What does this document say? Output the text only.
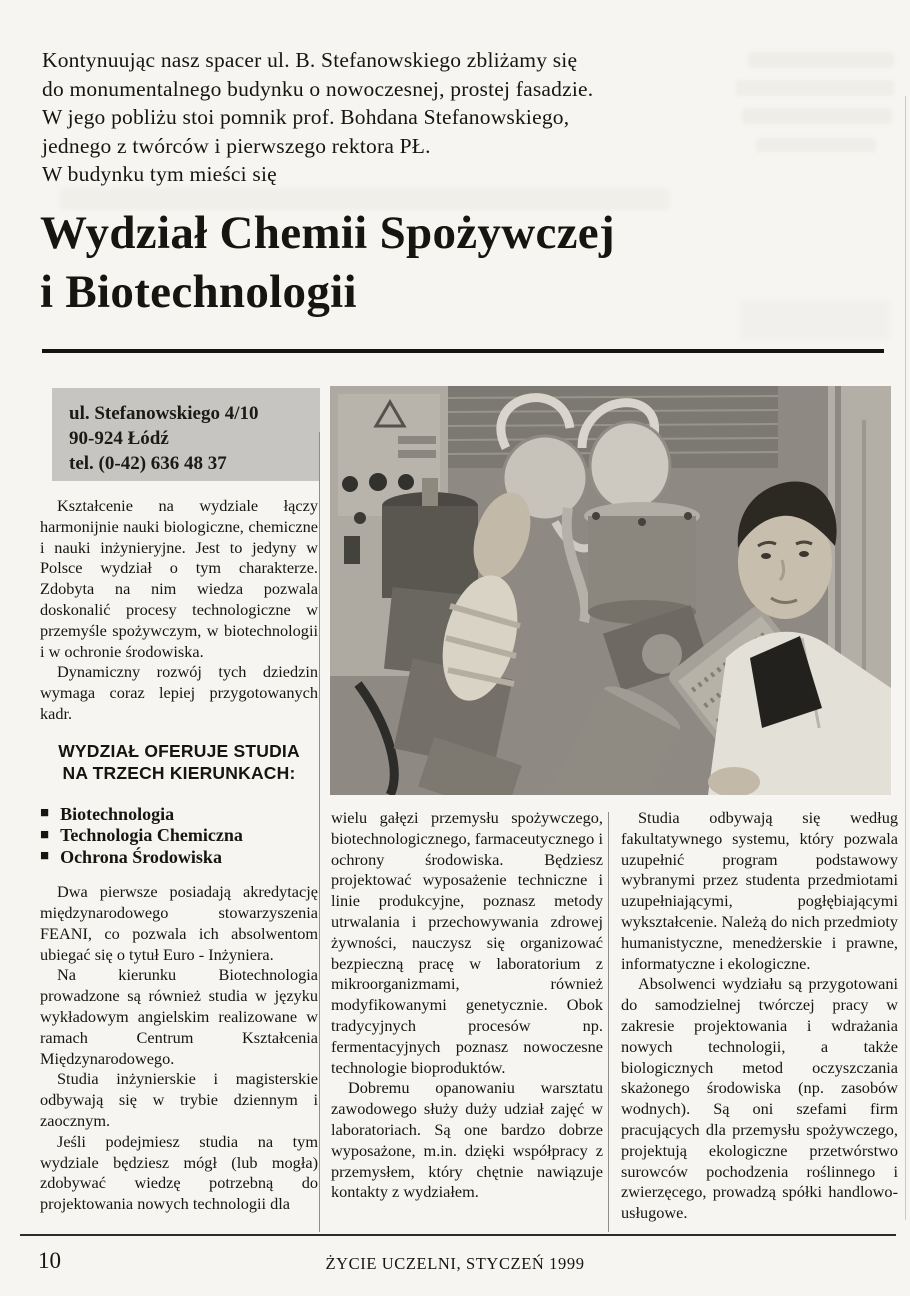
Kontynuując nasz spacer ul. B. Stefanowskiego zbliżamy się
do monumentalnego budynku o nowoczesnej, prostej fasadzie.
W jego pobliżu stoi pomnik prof. Bohdana Stefanowskiego,
jednego z twórców i pierwszego rektora PŁ.
W budynku tym mieści się
Wydział Chemii Spożywczej
i Biotechnologii
ul. Stefanowskiego 4/10
90-924 Łódź
tel. (0-42) 636 48 37

Kształcenie na wydziale łączy harmonijnie nauki biologiczne, chemiczne i nauki inżynieryjne. Jest to jedyny w Polsce wydział o tym charakterze. Zdobyta na nim wiedza pozwala doskonalić procesy technologiczne w przemyśle spożywczym, w biotechnologii i w ochronie środowiska.

Dynamiczny rozwój tych dziedzin wymaga coraz lepiej przygotowanych kadr.

WYDZIAŁ OFERUJE STUDIA
NA TRZECH KIERUNKACH:
■ Biotechnologia
■ Technologia Chemiczna
■ Ochrona Środowiska

Dwa pierwsze posiadają akredytację międzynarodowego stowarzyszenia FEANI, co pozwala ich absolwentom ubiegać się o tytuł Euro - Inżyniera.

Na kierunku Biotechnologia prowadzone są również studia w języku wykładowym angielskim realizowane w ramach Centrum Kształcenia Międzynarodowego.

Studia inżynierskie i magisterskie odbywają się w trybie dziennym i zaocznym.

Jeśli podejmiesz studia na tym wydziale będziesz mógł (lub mogła) zdobywać wiedzę potrzebną do projektowania nowych technologii dla

wielu gałęzi przemysłu spożywczego, biotechnologicznego, farmaceutycznego i ochrony środowiska. Będziesz projektować wyposażenie techniczne i linie produkcyjne, poznasz metody utrwalania i przechowywania zdrowej żywności, nauczysz się organizować bezpieczną pracę w laboratorium z mikroorganizmami, również modyfikowanymi genetycznie. Obok tradycyjnych procesów np. fermentacyjnych poznasz nowoczesne technologie bioproduktów.

Dobremu opanowaniu warsztatu zawodowego służy duży udział zajęć w laboratoriach. Są one bardzo dobrze wyposażone, m.in. dzięki współpracy z przemysłem, który chętnie nawiązuje kontakty z wydziałem.

Studia odbywają się według fakultatywnego systemu, który pozwala uzupełnić program podstawowy wybranymi przez studenta przedmiotami uzupełniającymi, pogłębiającymi wykształcenie. Należą do nich przedmioty humanistyczne, menedżerskie i prawne, informatyczne i ekologiczne.

Absolwenci wydziału są przygotowani do samodzielnej twórczej pracy w zakresie projektowania i wdrażania nowych technologii, a także biologicznych metod oczyszczania skażonego środowiska (np. zasobów wodnych). Są oni szefami firm pracujących dla przemysłu spożywczego, projektują ekologiczne przetwórstwo surowców pochodzenia roślinnego i zwierzęcego, prowadzą spółki handlowo-usługowe.

10	ŻYCIE UCZELNI, STYCZEŃ 1999
